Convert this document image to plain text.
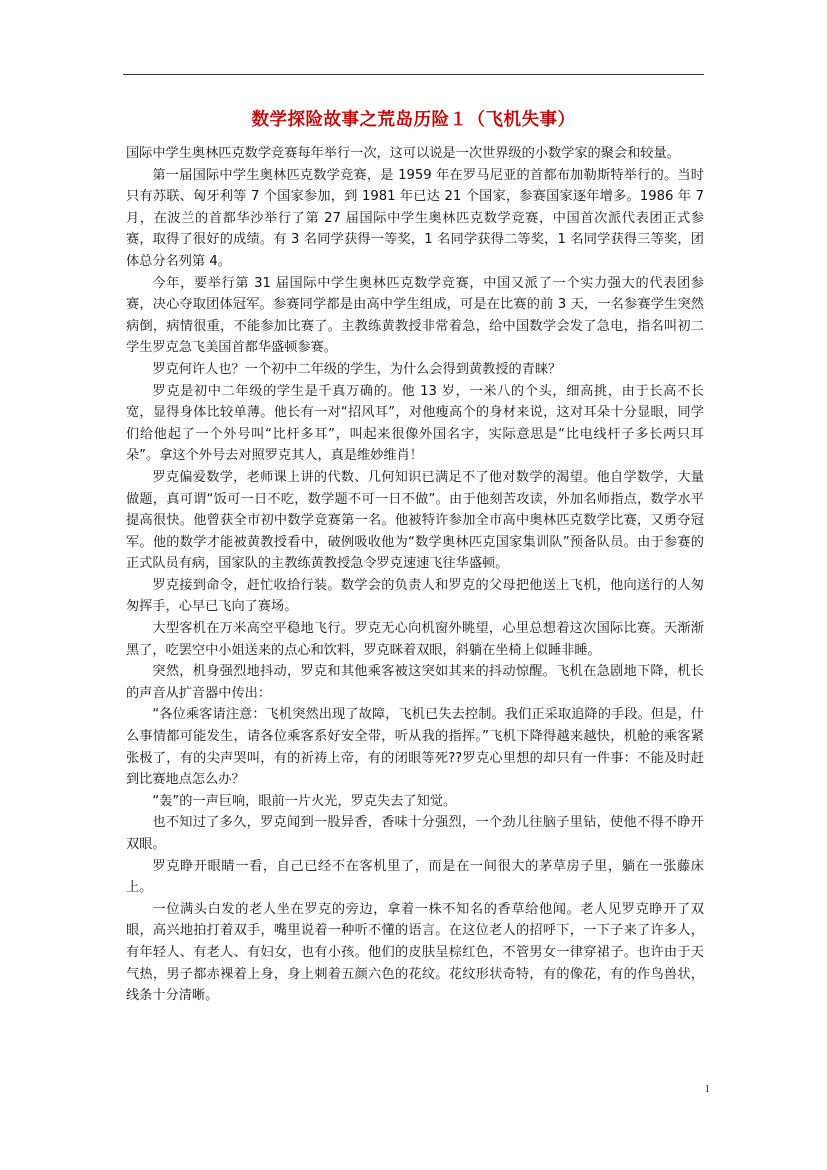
数学探险故事之荒岛历险１（飞机失事）

国际中学生奥林匹克数学竞赛每年举行一次，这可以说是一次世界级的小数学家的聚会和较量。

第一届国际中学生奥林匹克数学竞赛，是 1959 年在罗马尼亚的首都布加勒斯特举行的。当时只有苏联、匈牙利等 7 个国家参加，到 1981 年已达 21 个国家，参赛国家逐年增多。1986 年 7 月，在波兰的首都华沙举行了第 27 届国际中学生奥林匹克数学竞赛，中国首次派代表团正式参赛，取得了很好的成绩。有 3 名同学获得一等奖，1 名同学获得二等奖，1 名同学获得三等奖，团体总分名列第 4。

今年，要举行第 31 届国际中学生奥林匹克数学竞赛，中国又派了一个实力强大的代表团参赛，决心夺取团体冠军。参赛同学都是由高中学生组成，可是在比赛的前 3 天，一名参赛学生突然病倒，病情很重，不能参加比赛了。主教练黄教授非常着急，给中国数学会发了急电，指名叫初二学生罗克急飞美国首都华盛顿参赛。

罗克何许人也？一个初中二年级的学生，为什么会得到黄教授的青睐？

罗克是初中二年级的学生是千真万确的。他 13 岁，一米八的个头，细高挑，由于长高不长宽，显得身体比较单薄。他长有一对“招风耳”，对他瘦高个的身材来说，这对耳朵十分显眼，同学们给他起了一个外号叫“比杆多耳”，叫起来很像外国名字，实际意思是“比电线杆子多长两只耳朵”。拿这个外号去对照罗克其人，真是维妙维肖！

罗克偏爱数学，老师课上讲的代数、几何知识已满足不了他对数学的渴望。他自学数学，大量做题，真可谓“饭可一日不吃，数学题不可一日不做”。由于他刻苦攻读，外加名师指点，数学水平提高很快。他曾获全市初中数学竞赛第一名。他被特许参加全市高中奥林匹克数学比赛，又勇夺冠军。他的数学才能被黄教授看中，破例吸收他为“数学奥林匹克国家集训队”预备队员。由于参赛的正式队员有病，国家队的主教练黄教授急令罗克速速飞往华盛顿。

罗克接到命令，赶忙收拾行装。数学会的负责人和罗克的父母把他送上飞机，他向送行的人匆匆挥手，心早已飞向了赛场。

大型客机在万米高空平稳地飞行。罗克无心向机窗外眺望，心里总想着这次国际比赛。天渐渐黑了，吃罢空中小姐送来的点心和饮料，罗克眯着双眼，斜躺在坐椅上似睡非睡。

突然，机身强烈地抖动，罗克和其他乘客被这突如其来的抖动惊醒。飞机在急剧地下降，机长的声音从扩音器中传出：

“各位乘客请注意：飞机突然出现了故障，飞机已失去控制。我们正采取追降的手段。但是，什么事情都可能发生，请各位乘客系好安全带，听从我的指挥。”飞机下降得越来越快，机舱的乘客紧张极了，有的尖声哭叫，有的祈祷上帝，有的闭眼等死??罗克心里想的却只有一件事：不能及时赶到比赛地点怎么办？

“轰”的一声巨响，眼前一片火光，罗克失去了知觉。

也不知过了多久，罗克闻到一股异香，香味十分强烈，一个劲儿往脑子里钻，使他不得不睁开双眼。

罗克睁开眼睛一看，自己已经不在客机里了，而是在一间很大的茅草房子里，躺在一张藤床上。

一位满头白发的老人坐在罗克的旁边，拿着一株不知名的香草给他闻。老人见罗克睁开了双眼，高兴地拍打着双手，嘴里说着一种听不懂的语言。在这位老人的招呼下，一下子来了许多人，有年轻人、有老人、有妇女，也有小孩。他们的皮肤呈棕红色，不管男女一律穿裙子。也许由于天气热，男子都赤裸着上身，身上刺着五颜六色的花纹。花纹形状奇特，有的像花，有的作鸟兽状，线条十分清晰。

1
